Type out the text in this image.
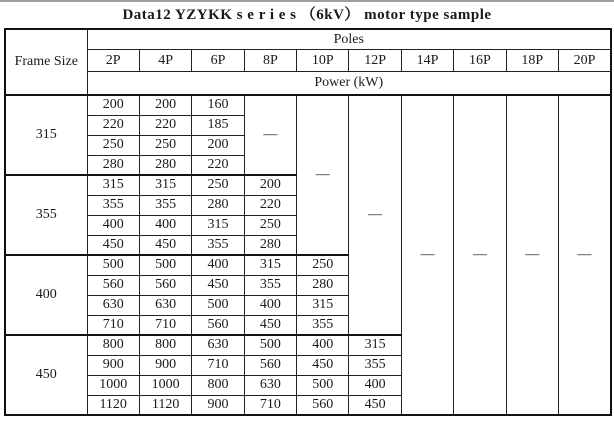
Data12 YZYKK s e r i e s （6kV） motor type sample
Frame Size	Poles									
	2P	4P	6P	8P	10P	12P	14P	16P	18P	20P
	Power (kW)									
315	200	200	160	—	—	—	—	—	—	—
	220	220	185							
	250	250	200							
	280	280	220							
355	315	315	250	200						
	355	355	280	220						
	400	400	315	250						
	450	450	355	280						
400	500	500	400	315	250					
	560	560	450	355	280					
	630	630	500	400	315					
	710	710	560	450	355					
450	800	800	630	500	400	315				
	900	900	710	560	450	355				
	1000	1000	800	630	500	400				
	1120	1120	900	710	560	450				
